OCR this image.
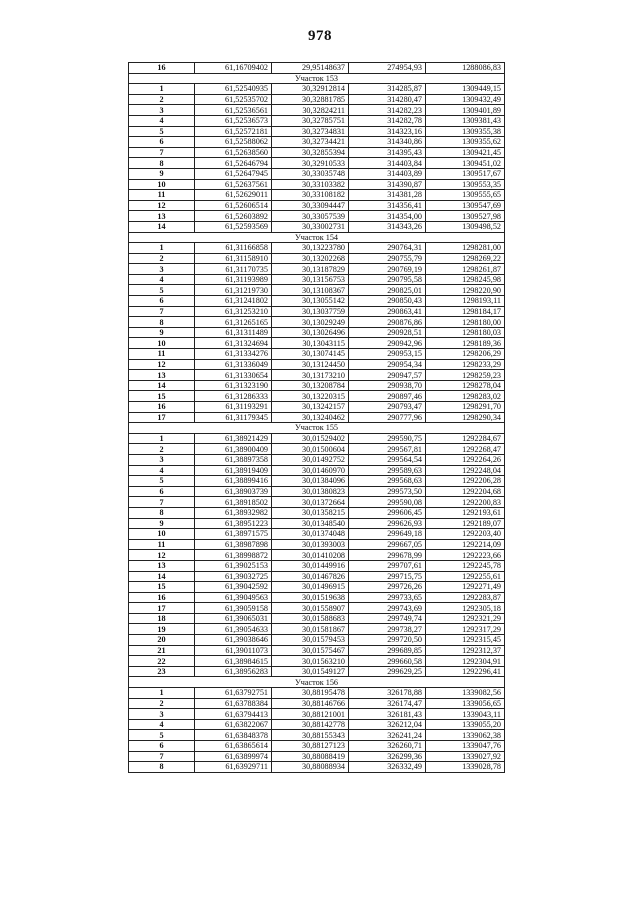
978
16	61,16709402	29,95148637	274954,93	1288086,83
Участок 153				
1	61,52540935	30,32912814	314285,87	1309449,15
2	61,52535702	30,32881785	314280,47	1309432,49
3	61,52536561	30,32824211	314282,23	1309401,89
4	61,52536573	30,32785751	314282,78	1309381,43
5	61,52572181	30,32734831	314323,16	1309355,38
6	61,52588062	30,32734421	314340,86	1309355,62
7	61,52638560	30,32855394	314395,43	1309421,45
8	61,52646794	30,32910533	314403,84	1309451,02
9	61,52647945	30,33035748	314403,89	1309517,67
10	61,52637561	30,33103382	314390,87	1309553,35
11	61,52629011	30,33108182	314381,28	1309555,65
12	61,52606514	30,33094447	314356,41	1309547,69
13	61,52603892	30,33057539	314354,00	1309527,98
14	61,52593569	30,33002731	314343,26	1309498,52
Участок 154				
1	61,31166858	30,13223780	290764,31	1298281,00
2	61,31158910	30,13202268	290755,79	1298269,22
3	61,31170735	30,13187829	290769,19	1298261,87
4	61,31193989	30,13156753	290795,58	1298245,98
5	61,31219730	30,13108367	290825,01	1298220,90
6	61,31241802	30,13055142	290850,43	1298193,11
7	61,31253210	30,13037759	290863,41	1298184,17
8	61,31265165	30,13029249	290876,86	1298180,00
9	61,31311489	30,13026496	290928,51	1298180,03
10	61,31324694	30,13043115	290942,96	1298189,36
11	61,31334276	30,13074145	290953,15	1298206,29
12	61,31336049	30,13124450	290954,34	1298233,29
13	61,31330654	30,13173210	290947,57	1298259,23
14	61,31323190	30,13208784	290938,70	1298278,04
15	61,31286333	30,13220315	290897,46	1298283,02
16	61,31193291	30,13242157	290793,47	1298291,70
17	61,31179345	30,13240462	290777,96	1298290,34
Участок 155				
1	61,38921429	30,01529402	299590,75	1292284,67
2	61,38900409	30,01500604	299567,81	1292268,47
3	61,38897358	30,01492752	299564,54	1292264,26
4	61,38919409	30,01460970	299589,63	1292248,04
5	61,38899416	30,01384096	299568,63	1292206,28
6	61,38903739	30,01380823	299573,50	1292204,68
7	61,38918502	30,01372664	299590,08	1292200,83
8	61,38932982	30,01358215	299606,45	1292193,61
9	61,38951223	30,01348540	299626,93	1292189,07
10	61,38971575	30,01374048	299649,18	1292203,40
11	61,38987898	30,01393003	299667,05	1292214,09
12	61,38998872	30,01410208	299678,99	1292223,66
13	61,39025153	30,01449916	299707,61	1292245,78
14	61,39032725	30,01467826	299715,75	1292255,61
15	61,39042592	30,01496915	299726,26	1292271,49
16	61,39049563	30,01519638	299733,65	1292283,87
17	61,39059158	30,01558907	299743,69	1292305,18
18	61,39065031	30,01588683	299749,74	1292321,29
19	61,39054633	30,01581867	299738,27	1292317,29
20	61,39038646	30,01579453	299720,50	1292315,45
21	61,39011073	30,01575467	299689,85	1292312,37
22	61,38984615	30,01563210	299660,58	1292304,91
23	61,38956283	30,01549127	299629,25	1292296,41
Участок 156				
1	61,63792751	30,88195478	326178,88	1339082,56
2	61,63788384	30,88146766	326174,47	1339056,65
3	61,63794413	30,88121001	326181,43	1339043,11
4	61,63822067	30,88142778	326212,04	1339055,20
5	61,63848378	30,88155343	326241,24	1339062,38
6	61,63865614	30,88127123	326260,71	1339047,76
7	61,63899974	30,88088419	326299,36	1339027,92
8	61,63929711	30,88088934	326332,49	1339028,78
